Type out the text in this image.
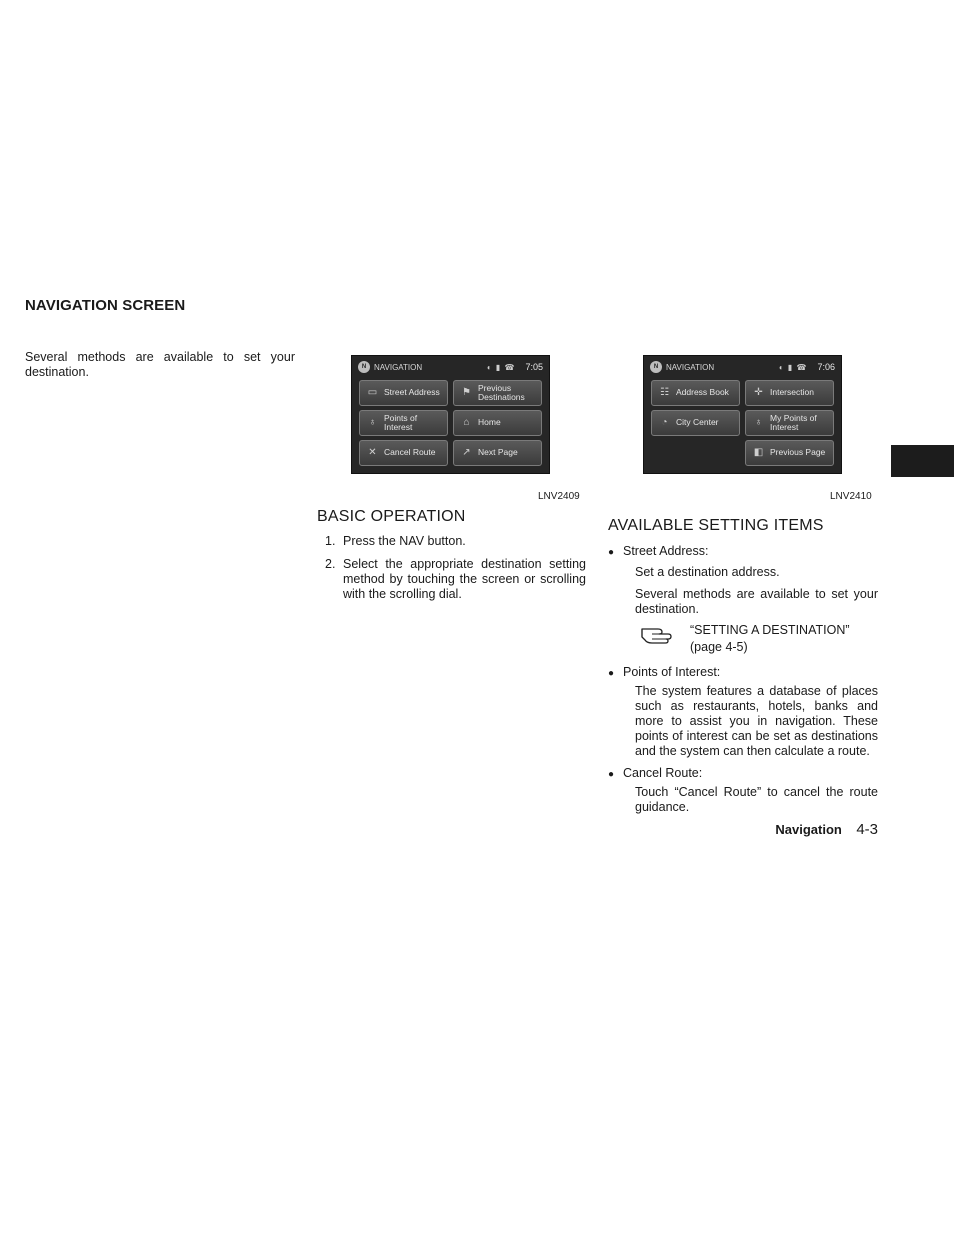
NAVIGATION SCREEN
Several methods are available to set your destination.	N NAVIGATION	◐ ▮ ☎ 7:05
▭ Street Address ⚑ Previous
Destinations
♁ Points of
Interest	⌂ Home
✕ Cancel Route	↗ Next Page
LNV2409
N NAVIGATION	◐ ▮ ☎ 7:06
☷ Address Book	✛ Intersection
◔ City Center	♁ My Points of
Interest
◧ Previous Page
LNV2410
BASIC OPERATION
1. Press the NAV button.
2. Select the appropriate destination setting method by touching the screen or scrolling with the scrolling dial.
AVAILABLE SETTING ITEMS
● Street Address:
Set a destination address.
Several methods are available to set your destination.
“SETTING A DESTINATION”
(page 4-5)
● Points of Interest:
The system features a database of places such as restaurants, hotels, banks and more to assist you in navigation. These points of interest can be set as destinations and the system can then calculate a route.
● Cancel Route:
Touch “Cancel Route” to cancel the route guidance.
Navigation 4-3
